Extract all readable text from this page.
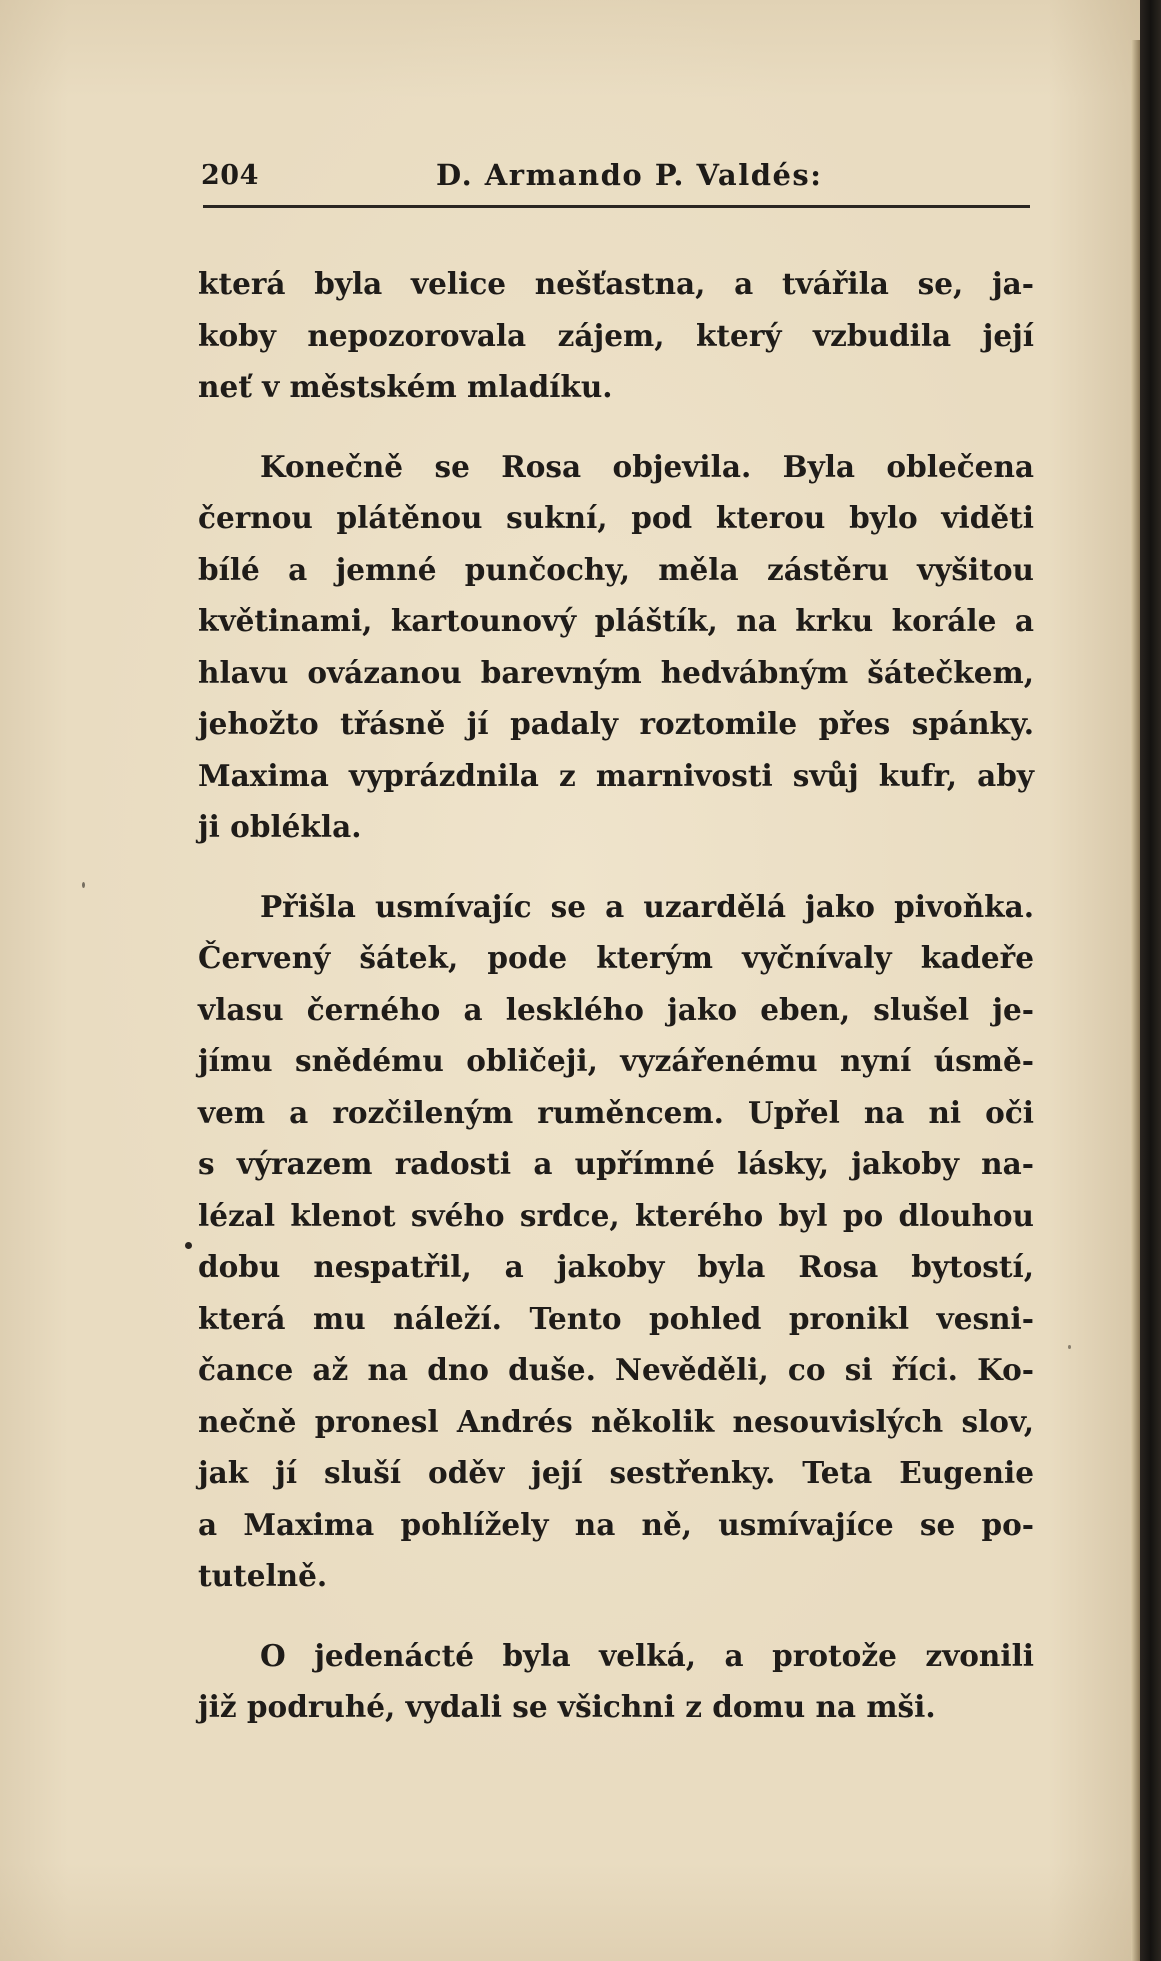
204	D. Armando P. Valdés:
která byla velice nešťastna, a tvářila se, ja-
koby nepozorovala zájem, který vzbudila její
neť v městském mladíku.
Konečně se Rosa objevila. Byla oblečena
černou plátěnou sukní, pod kterou bylo viděti
bílé a jemné punčochy, měla zástěru vyšitou
květinami, kartounový pláštík, na krku korále a
hlavu ovázanou barevným hedvábným šátečkem,
jehožto třásně jí padaly roztomile přes spánky.
Maxima vyprázdnila z marnivosti svůj kufr, aby
ji oblékla.
Přišla usmívajíc se a uzardělá jako pivoňka.
Červený šátek, pode kterým vyčnívaly kadeře
vlasu černého a lesklého jako eben, slušel je-
jímu snědému obličeji, vyzářenému nyní úsmě-
vem a rozčileným ruměncem. Upřel na ni oči
s výrazem radosti a upřímné lásky, jakoby na-
lézal klenot svého srdce, kterého byl po dlouhou
dobu nespatřil, a jakoby byla Rosa bytostí,
která mu náleží. Tento pohled pronikl vesni-
čance až na dno duše. Nevěděli, co si říci. Ko-
nečně pronesl Andrés několik nesouvislých slov,
jak jí sluší oděv její sestřenky. Teta Eugenie
a Maxima pohlížely na ně, usmívajíce se po-
tutelně.
O jedenácté byla velká, a protože zvonili
již podruhé, vydali se všichni z domu na mši.
